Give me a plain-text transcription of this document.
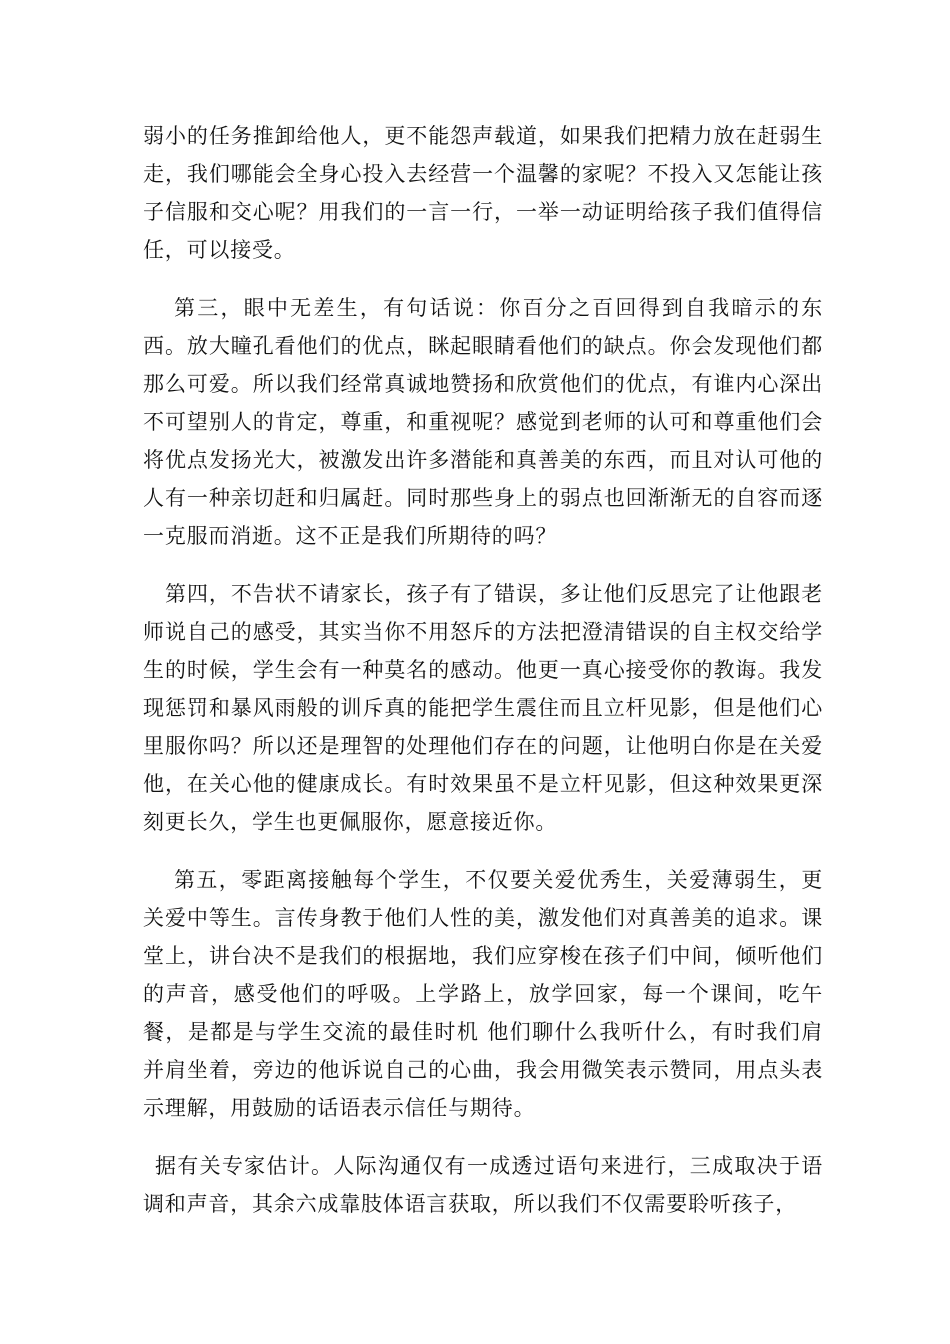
弱小的任务推卸给他人，更不能怨声载道，如果我们把精力放在赶弱生走，我们哪能会全身心投入去经营一个温馨的家呢？不投入又怎能让孩子信服和交心呢？用我们的一言一行，一举一动证明给孩子我们值得信任，可以接受。

第三，眼中无差生，有句话说：你百分之百回得到自我暗示的东西。放大瞳孔看他们的优点，眯起眼睛看他们的缺点。你会发现他们都那么可爱。所以我们经常真诚地赞扬和欣赏他们的优点，有谁内心深出不可望别人的肯定，尊重，和重视呢？感觉到老师的认可和尊重他们会将优点发扬光大，被激发出许多潜能和真善美的东西，而且对认可他的人有一种亲切赶和归属赶。同时那些身上的弱点也回渐渐无的自容而逐一克服而消逝。这不正是我们所期待的吗？

第四，不告状不请家长，孩子有了错误，多让他们反思完了让他跟老师说自己的感受，其实当你不用怒斥的方法把澄清错误的自主权交给学生的时候，学生会有一种莫名的感动。他更一真心接受你的教诲。我发现惩罚和暴风雨般的训斥真的能把学生震住而且立杆见影，但是他们心里服你吗？所以还是理智的处理他们存在的问题，让他明白你是在关爱他，在关心他的健康成长。有时效果虽不是立杆见影，但这种效果更深刻更长久，学生也更佩服你，愿意接近你。

第五，零距离接触每个学生，不仅要关爱优秀生，关爱薄弱生，更关爱中等生。言传身教于他们人性的美，激发他们对真善美的追求。课堂上，讲台决不是我们的根据地，我们应穿梭在孩子们中间，倾听他们的声音，感受他们的呼吸。上学路上，放学回家，每一个课间，吃午餐，是都是与学生交流的最佳时机 他们聊什么我听什么，有时我们肩并肩坐着，旁边的他诉说自己的心曲，我会用微笑表示赞同，用点头表示理解，用鼓励的话语表示信任与期待。

据有关专家估计。人际沟通仅有一成透过语句来进行，三成取决于语调和声音，其余六成靠肢体语言获取，所以我们不仅需要聆听孩子，
